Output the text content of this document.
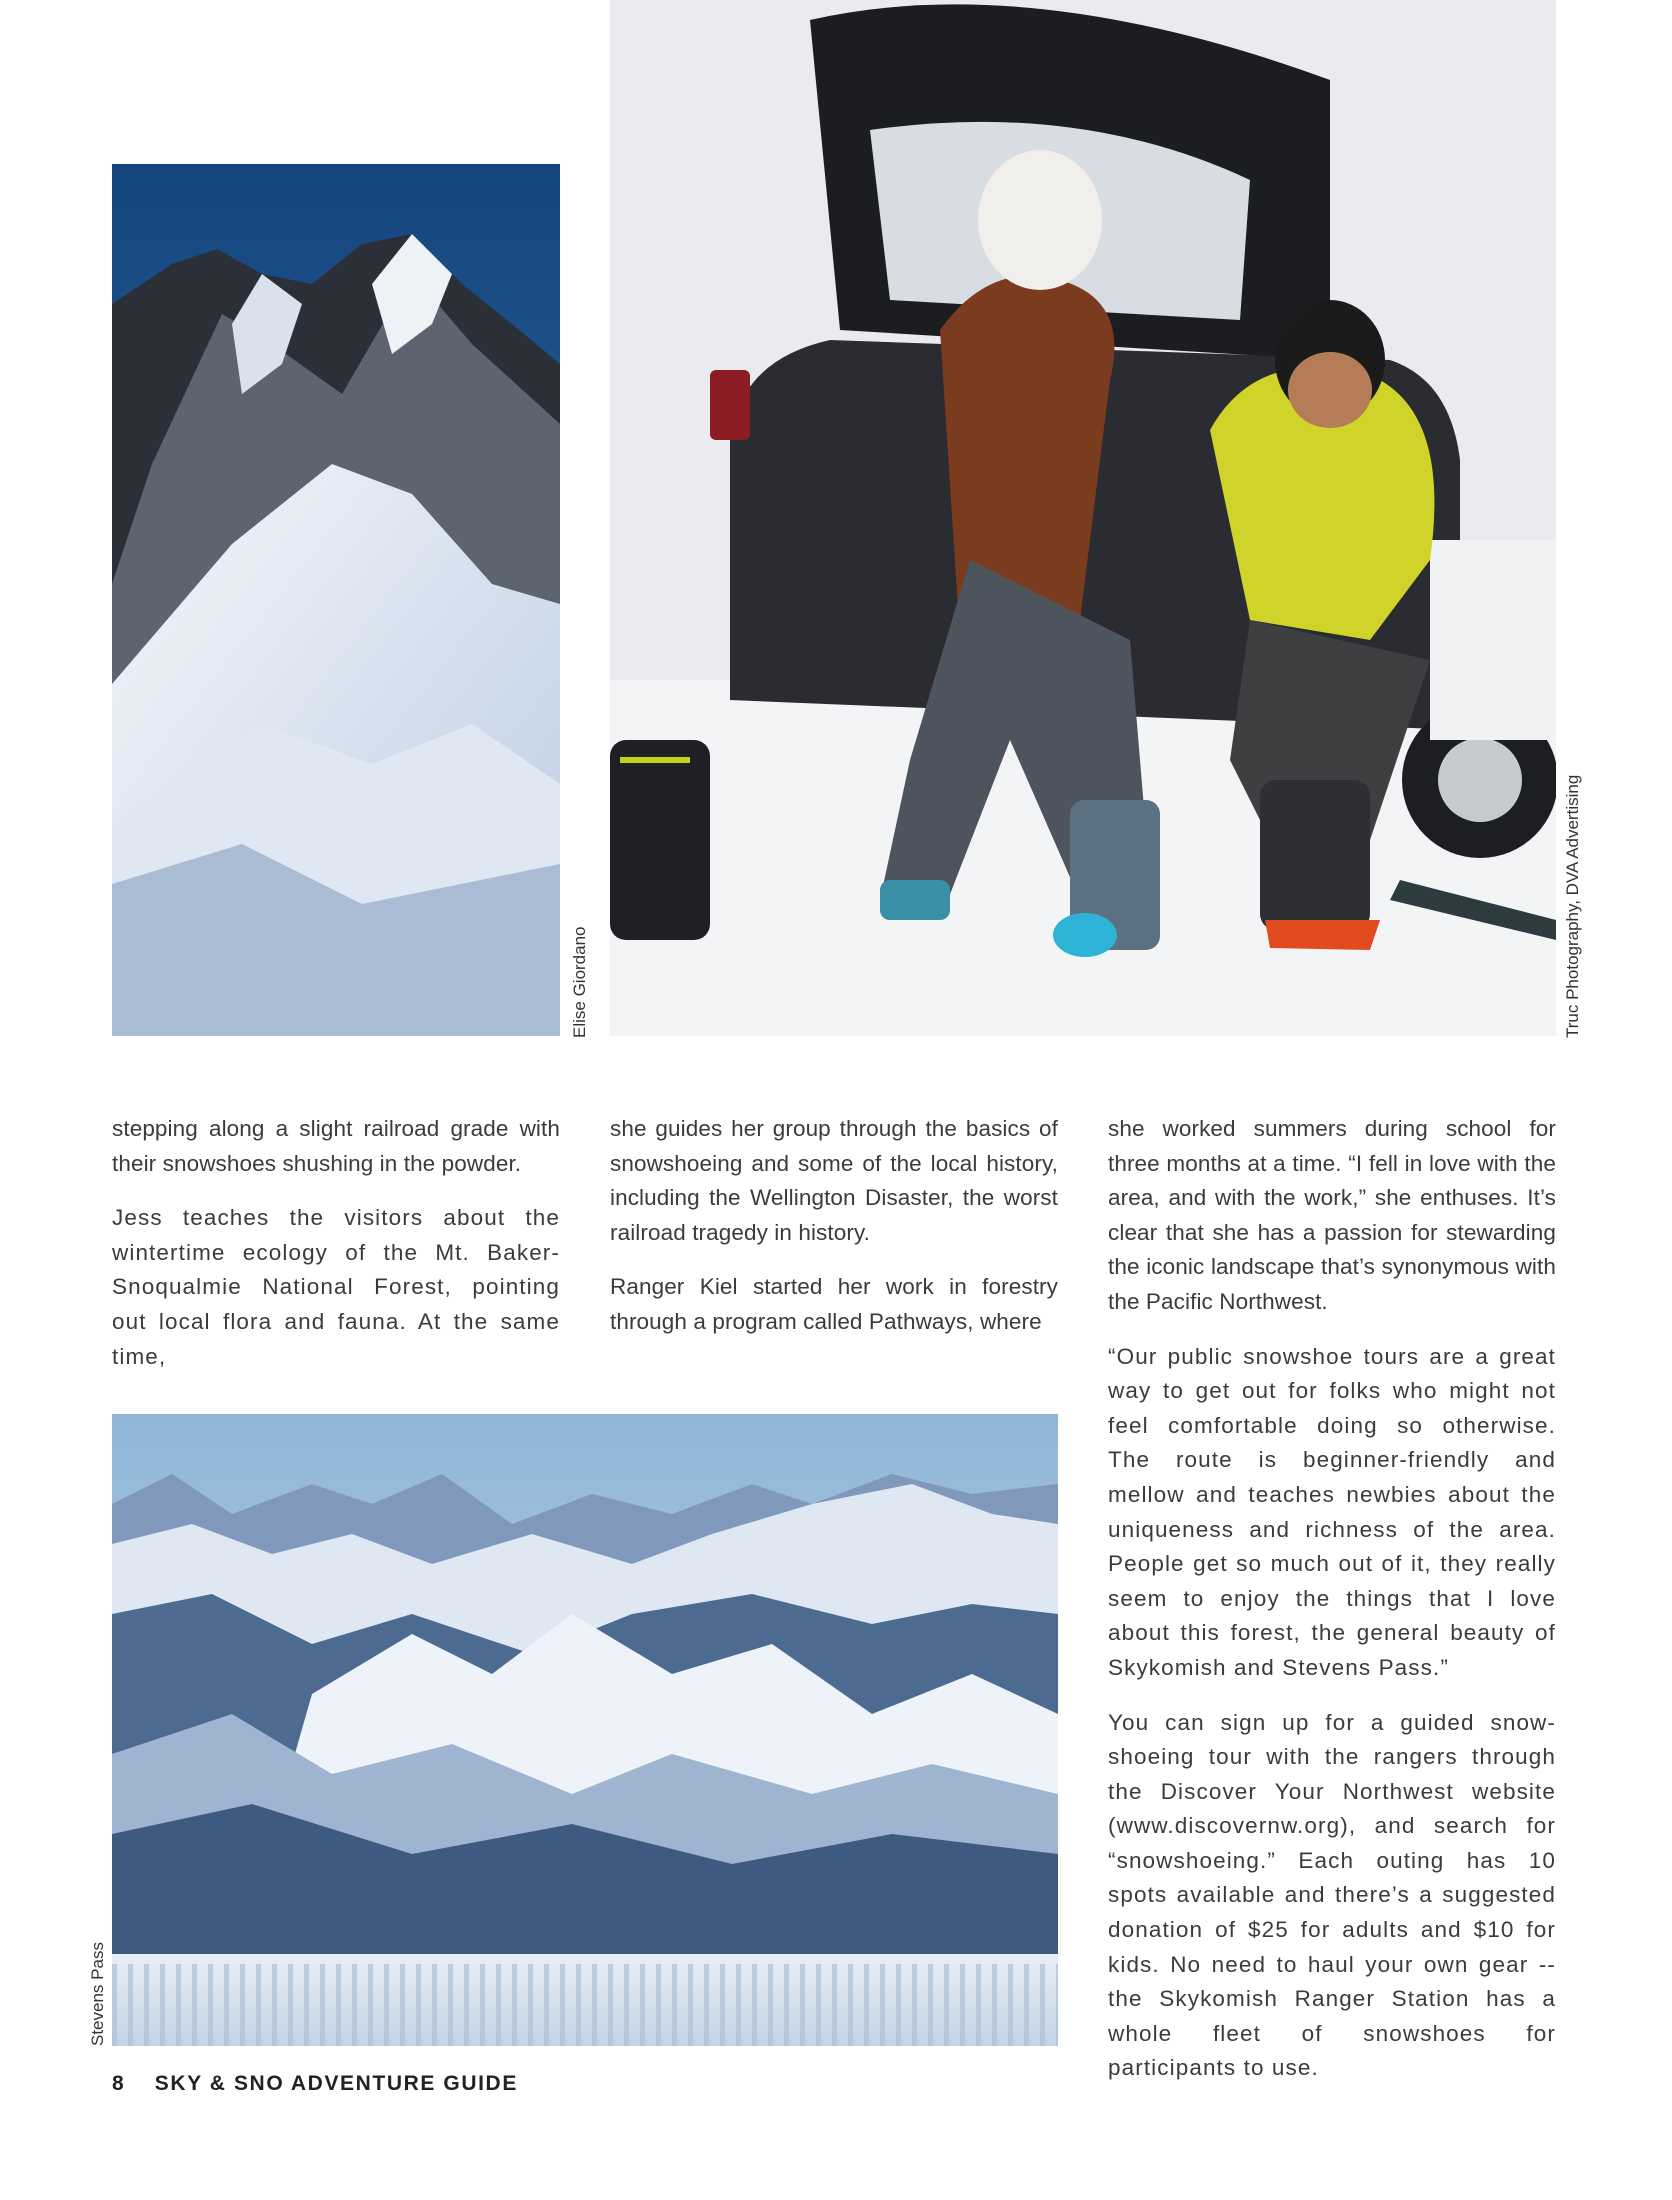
Elise Giordano	Truc Photography, DVA Advertising

stepping along a slight railroad grade with their snowshoes shushing in the powder.

Jess teaches the visitors about the wintertime ecology of the Mt. Baker-Snoqualmie National Forest, pointing out local flora and fauna. At the same time,

she guides her group through the basics of snowshoeing and some of the local history, including the Wellington Disaster, the worst railroad tragedy in history.

Ranger Kiel started her work in forestry through a program called Pathways, where

she worked summers during school for three months at a time. “I fell in love with the area, and with the work,” she enthuses. It’s clear that she has a passion for stewarding the iconic landscape that’s synonymous with the Pacific Northwest.

“Our public snowshoe tours are a great way to get out for folks who might not feel comfortable doing so otherwise. The route is beginner-friendly and mellow and teaches newbies about the uniqueness and richness of the area. People get so much out of it, they really seem to enjoy the things that I love about this forest, the general beauty of Skykomish and Stevens Pass.”

You can sign up for a guided snow-shoeing tour with the rangers through the Discover Your Northwest website (www.discovernw.org), and search for “snowshoeing.” Each outing has 10 spots available and there’s a suggested donation of $25 for adults and $10 for kids. No need to haul your own gear -- the Skykomish Ranger Station has a whole fleet of snowshoes for participants to use.

Stevens Pass
8 SKY & SNO ADVENTURE GUIDE
